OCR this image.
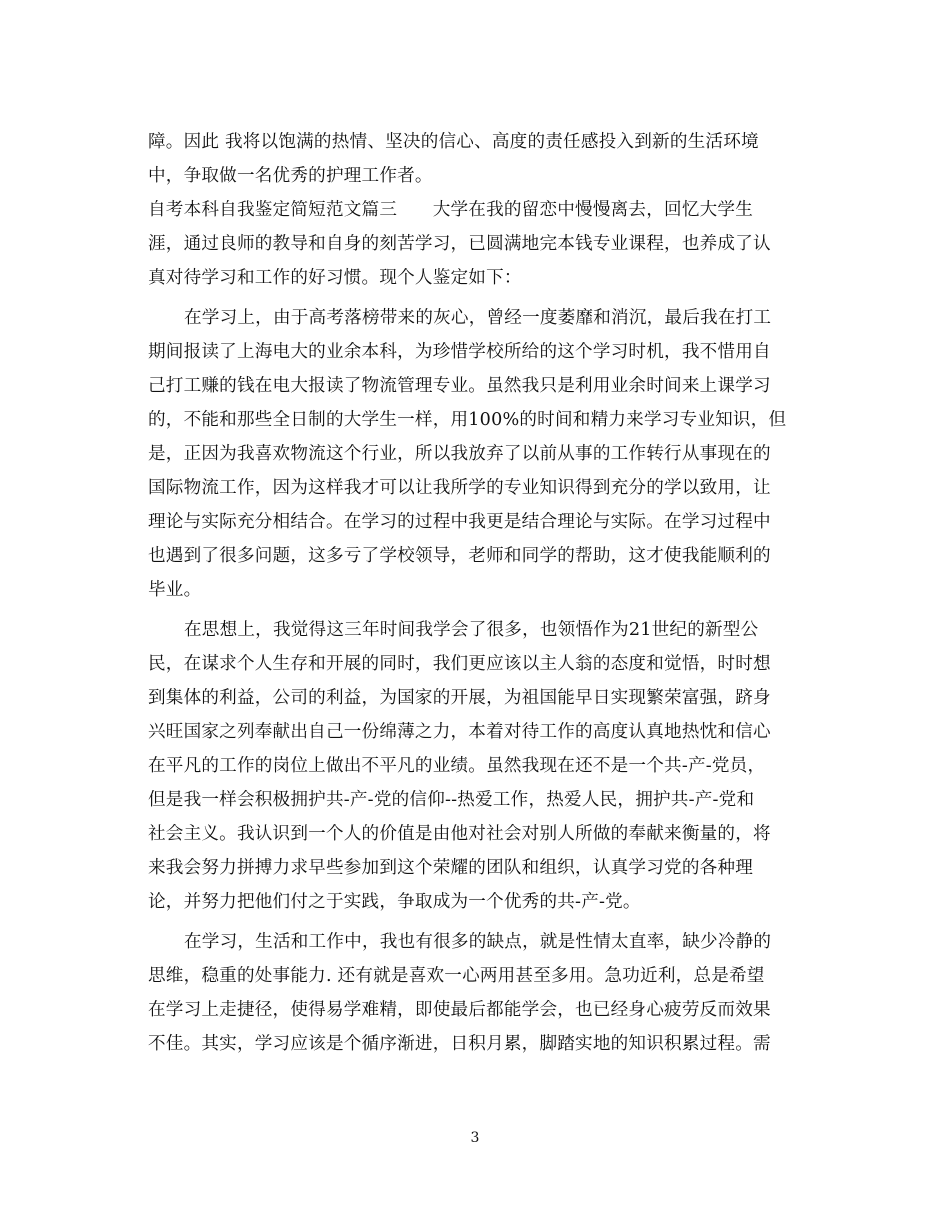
障。因此 我将以饱满的热情、坚决的信心、高度的责任感投入到新的生活环境
中，争取做一名优秀的护理工作者。
自考本科自我鉴定简短范文篇三　　大学在我的留恋中慢慢离去，回忆大学生
涯，通过良师的教导和自身的刻苦学习，已圆满地完本钱专业课程，也养成了认
真对待学习和工作的好习惯。现个人鉴定如下：
在学习上，由于高考落榜带来的灰心，曾经一度萎靡和消沉，最后我在打工
期间报读了上海电大的业余本科，为珍惜学校所给的这个学习时机，我不惜用自
己打工赚的钱在电大报读了物流管理专业。虽然我只是利用业余时间来上课学习
的，不能和那些全日制的大学生一样，用100%的时间和精力来学习专业知识，但
是，正因为我喜欢物流这个行业，所以我放弃了以前从事的工作转行从事现在的
国际物流工作，因为这样我才可以让我所学的专业知识得到充分的学以致用，让
理论与实际充分相结合。在学习的过程中我更是结合理论与实际。在学习过程中
也遇到了很多问题，这多亏了学校领导，老师和同学的帮助，这才使我能顺利的
毕业。
在思想上，我觉得这三年时间我学会了很多，也领悟作为21世纪的新型公
民，在谋求个人生存和开展的同时，我们更应该以主人翁的态度和觉悟，时时想
到集体的利益，公司的利益，为国家的开展，为祖国能早日实现繁荣富强，跻身
兴旺国家之列奉献出自己一份绵薄之力，本着对待工作的高度认真地热忱和信心
在平凡的工作的岗位上做出不平凡的业绩。虽然我现在还不是一个共-产-党员，
但是我一样会积极拥护共-产-党的信仰--热爱工作，热爱人民，拥护共-产-党和
社会主义。我认识到一个人的价值是由他对社会对别人所做的奉献来衡量的，将
来我会努力拼搏力求早些参加到这个荣耀的团队和组织，认真学习党的各种理
论，并努力把他们付之于实践，争取成为一个优秀的共-产-党。
在学习，生活和工作中，我也有很多的缺点，就是性情太直率，缺少冷静的
思维，稳重的处事能力. 还有就是喜欢一心两用甚至多用。急功近利，总是希望
在学习上走捷径，使得易学难精，即使最后都能学会，也已经身心疲劳反而效果
不佳。其实，学习应该是个循序渐进，日积月累，脚踏实地的知识积累过程。需
3
